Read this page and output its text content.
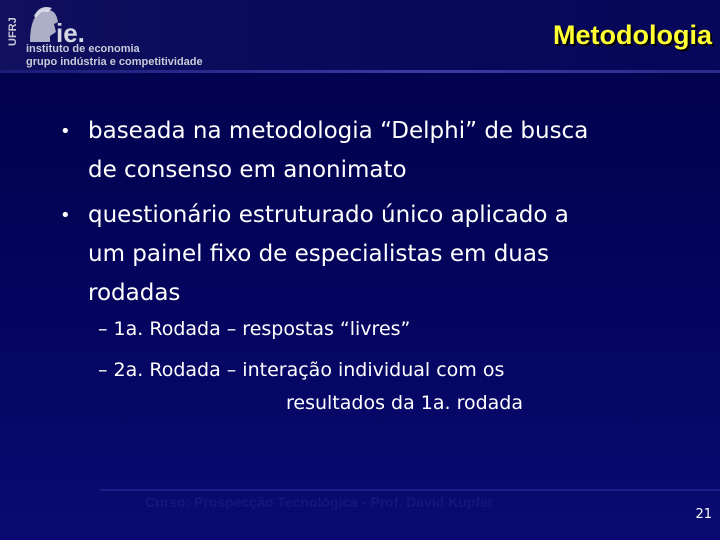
UFRJ ie.
instituto de economia
grupo indústria e competitividade
Metodologia
• baseada na metodologia “Delphi” de busca
de consenso em anonimato
• questionário estruturado único aplicado a
um painel fixo de especialistas em duas
rodadas
– 1a. Rodada – respostas “livres”
– 2a. Rodada – interação individual com os
resultados da 1a. rodada
Curso: Prospecção Tecnológica - Prof. David Kupfer
21
